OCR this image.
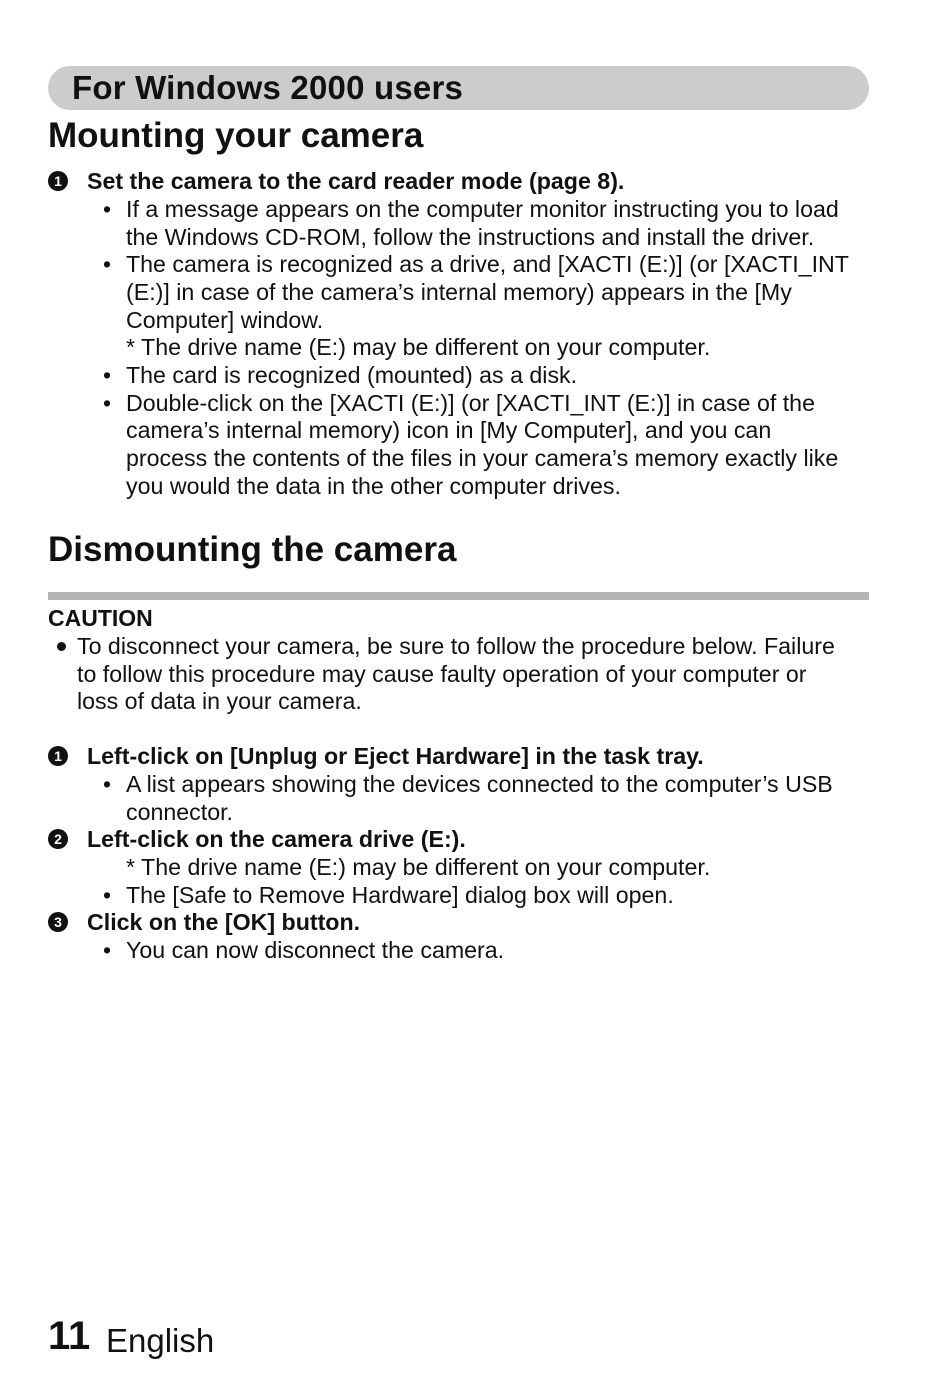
For Windows 2000 users
Mounting your camera
1 Set the camera to the card reader mode (page 8).
• If a message appears on the computer monitor instructing you to load
the Windows CD-ROM, follow the instructions and install the driver.
• The camera is recognized as a drive, and [XACTI (E:)] (or [XACTI_INT
(E:)] in case of the camera’s internal memory) appears in the [My
Computer] window.
* The drive name (E:) may be different on your computer.
• The card is recognized (mounted) as a disk.
• Double-click on the [XACTI (E:)] (or [XACTI_INT (E:)] in case of the
camera’s internal memory) icon in [My Computer], and you can
process the contents of the files in your camera’s memory exactly like
you would the data in the other computer drives.
Dismounting the camera
CAUTION
To disconnect your camera, be sure to follow the procedure below. Failure
to follow this procedure may cause faulty operation of your computer or
loss of data in your camera.
1 Left-click on [Unplug or Eject Hardware] in the task tray.
• A list appears showing the devices connected to the computer’s USB
connector.
2 Left-click on the camera drive (E:).
* The drive name (E:) may be different on your computer.
• The [Safe to Remove Hardware] dialog box will open.
3 Click on the [OK] button.
• You can now disconnect the camera.
11 English
